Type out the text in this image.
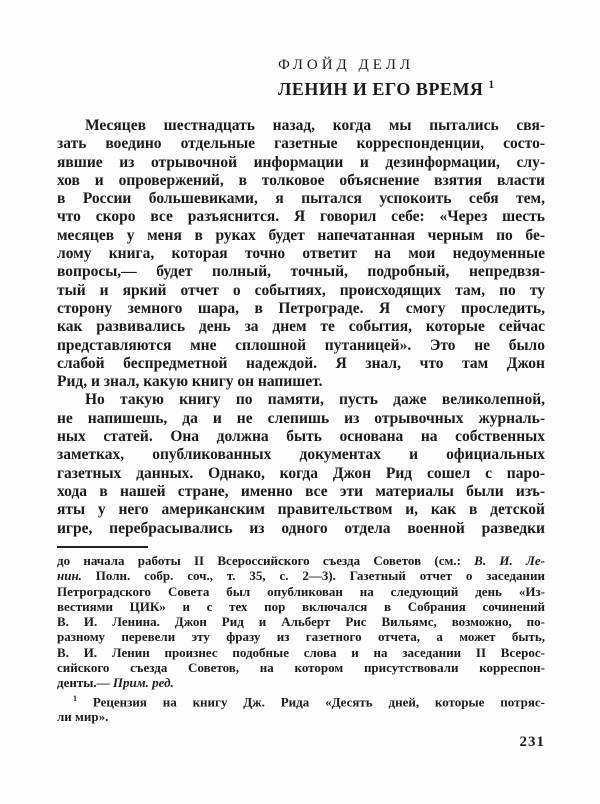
ФЛОЙД ДЕЛЛ
ЛЕНИН И ЕГО ВРЕМЯ $^1$
Месяцев шестнадцать назад, когда мы пытались свя-
зать воедино отдельные газетные корреспонденции, состо-
явшие из отрывочной информации и дезинформации, слу-
хов и опровержений, в толковое объяснение взятия власти
в России большевиками, я пытался успокоить себя тем,
что скоро все разъяснится. Я говорил себе: «Через шесть
месяцев у меня в руках будет напечатанная черным по бе-
лому книга, которая точно ответит на мои недоуменные
вопросы,— будет полный, точный, подробный, непредвзя-
тый и яркий отчет о событиях, происходящих там, по ту
сторону земного шара, в Петрограде. Я смогу проследить,
как развивались день за днем те события, которые сейчас
представляются мне сплошной путаницей». Это не было
слабой беспредметной надеждой. Я знал, что там Джон
Рид, и знал, какую книгу он напишет.
Но такую книгу по памяти, пусть даже великолепной,
не напишешь, да и не слепишь из отрывочных журналь-
ных статей. Она должна быть основана на собственных
заметках, опубликованных документах и официальных
газетных данных. Однако, когда Джон Рид сошел с паро-
хода в нашей стране, именно все эти материалы были изъ-
яты у него американским правительством и, как в детской
игре, перебрасывались из одного отдела военной разведки
до начала работы II Всероссийского съезда Советов (см.: В. И. Ле-
нин. Полн. собр. соч., т. 35, с. 2—3). Газетный отчет о заседании
Петроградского Совета был опубликован на следующий день «Из-
вестиями ЦИК» и с тех пор включался в Собрания сочинений
В. И. Ленина. Джон Рид и Альберт Рис Вильямс, возможно, по-
разному перевели эту фразу из газетного отчета, а может быть,
В. И. Ленин произнес подобные слова и на заседании II Всерос-
сийского съезда Советов, на котором присутствовали корреспон-
денты.— Прим. ред.
$^1$ Рецензия на книгу Дж. Рида «Десять дней, которые потряс-
ли мир».
231
